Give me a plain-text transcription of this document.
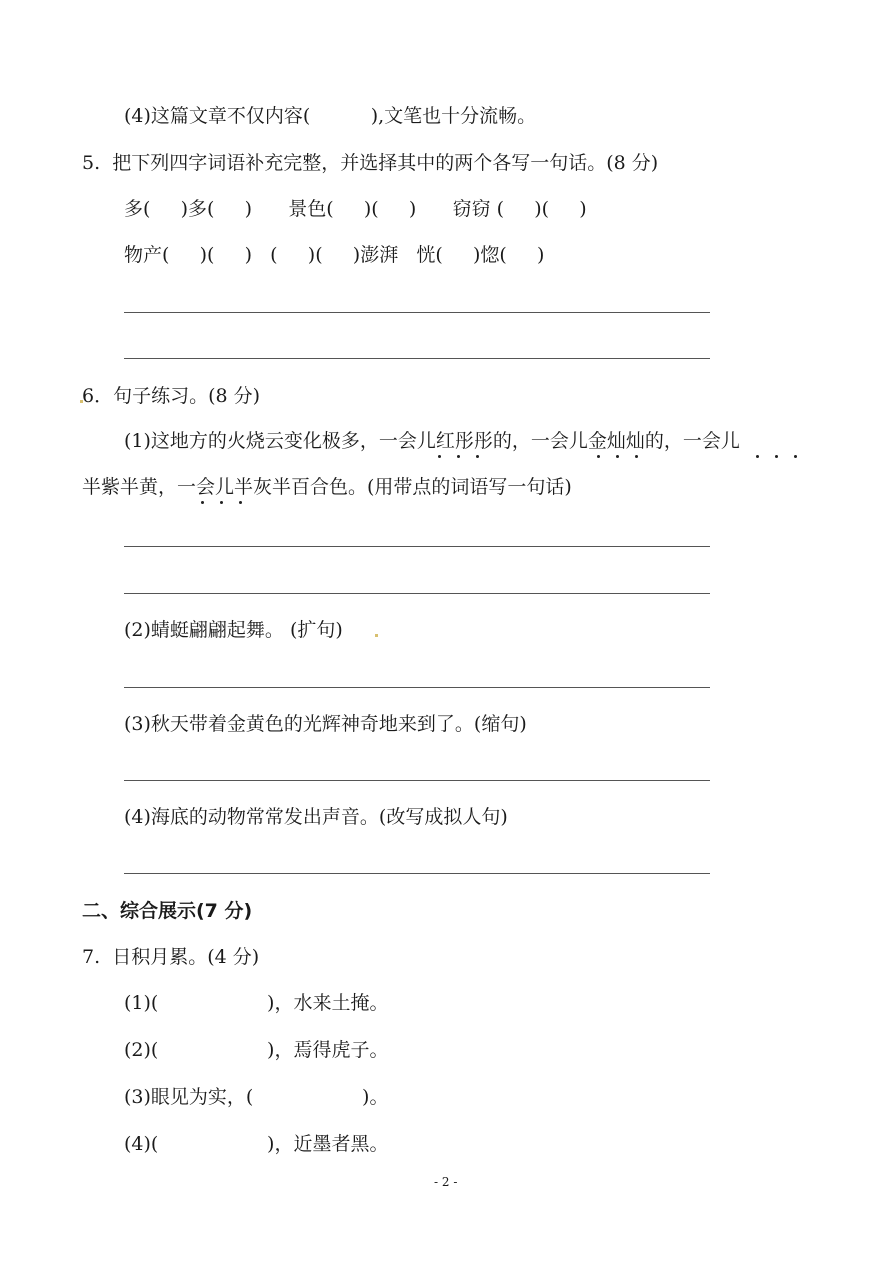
(4)这篇文章不仅内容(          ),文笔也十分流畅。
5.  把下列四字词语补充完整，并选择其中的两个各写一句话。(8 分)
多(     )多(     )      景色(     )(     )      窃窃 (     )(     )
物产(     )(     )   (     )(     )澎湃   恍(     )惚(     )
6．句子练习。(8 分)
(1)这地方的火烧云变化极多，一会儿红彤彤的，一会儿金灿灿的，一会儿
半紫半黄，一会儿半灰半百合色。(用带点的词语写一句话)
(2)蜻蜓翩翩起舞。 (扩句)
(3)秋天带着金黄色的光辉神奇地来到了。(缩句)
(4)海底的动物常常发出声音。(改写成拟人句)
二、综合展示(7 分)
7.  日积月累。(4 分)
(1)(                  )，水来土掩。
(2)(                  )，焉得虎子。
(3)眼见为实，(                  )。
(4)(                  )，近墨者黑。
- 2 -
